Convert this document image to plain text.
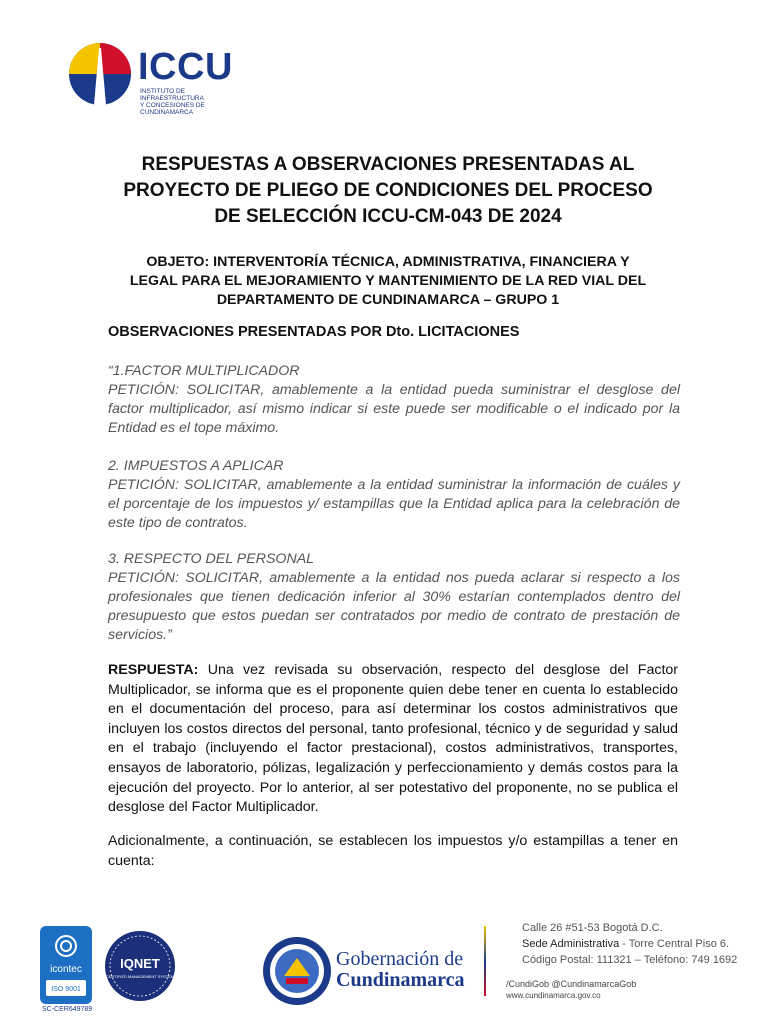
ICCU
INSTITUTO DE INFRAESTRUCTURA
Y CONCESIONES DE CUNDINAMARCA
RESPUESTAS A OBSERVACIONES PRESENTADAS AL
PROYECTO DE PLIEGO DE CONDICIONES DEL PROCESO
DE SELECCIÓN ICCU-CM-043 DE 2024
OBJETO: INTERVENTORÍA TÉCNICA, ADMINISTRATIVA, FINANCIERA Y
LEGAL PARA EL MEJORAMIENTO Y MANTENIMIENTO DE LA RED VIAL DEL
DEPARTAMENTO DE CUNDINAMARCA – GRUPO 1
OBSERVACIONES PRESENTADAS POR Dto. LICITACIONES
“1.FACTOR MULTIPLICADOR
PETICIÓN: SOLICITAR, amablemente a la entidad pueda suministrar el desglose del factor multiplicador, así mismo indicar si este puede ser modificable o el indicado por la Entidad es el tope máximo.
2. IMPUESTOS A APLICAR
PETICIÓN: SOLICITAR, amablemente a la entidad suministrar la información de cuáles y el porcentaje de los impuestos y/ estampillas que la Entidad aplica para la celebración de este tipo de contratos.
3. RESPECTO DEL PERSONAL
PETICIÓN: SOLICITAR, amablemente a la entidad nos pueda aclarar si respecto a los profesionales que tienen dedicación inferior al 30% estarían contemplados dentro del presupuesto que estos puedan ser contratados por medio de contrato de prestación de servicios.”
RESPUESTA: Una vez revisada su observación, respecto del desglose del Factor Multiplicador, se informa que es el proponente quien debe tener en cuenta lo establecido en el documentación del proceso, para así determinar los costos administrativos que incluyen los costos directos del personal, tanto profesional, técnico y de seguridad y salud en el trabajo (incluyendo el factor prestacional), costos administrativos, transportes, ensayos de laboratorio, pólizas, legalización y perfeccionamiento y demás costos para la ejecución del proyecto. Por lo anterior, al ser potestativo del proponente, no se publica el desglose del Factor Multiplicador.
Adicionalmente, a continuación, se establecen los impuestos y/o estampillas a tener en cuenta:
icontec
ISO 9001
IQNET
CERTIFIED MANAGEMENT SYSTEM
SC-CER649789
Gobernación de
Cundinamarca
Calle 26 #51-53 Bogotá D.C.
Sede Administrativa - Torre Central Piso 6.
Código Postal: 111321 – Teléfono: 749 1692
/CundiGob @CundinamarcaGob
www.cundinamarca.gov.co
